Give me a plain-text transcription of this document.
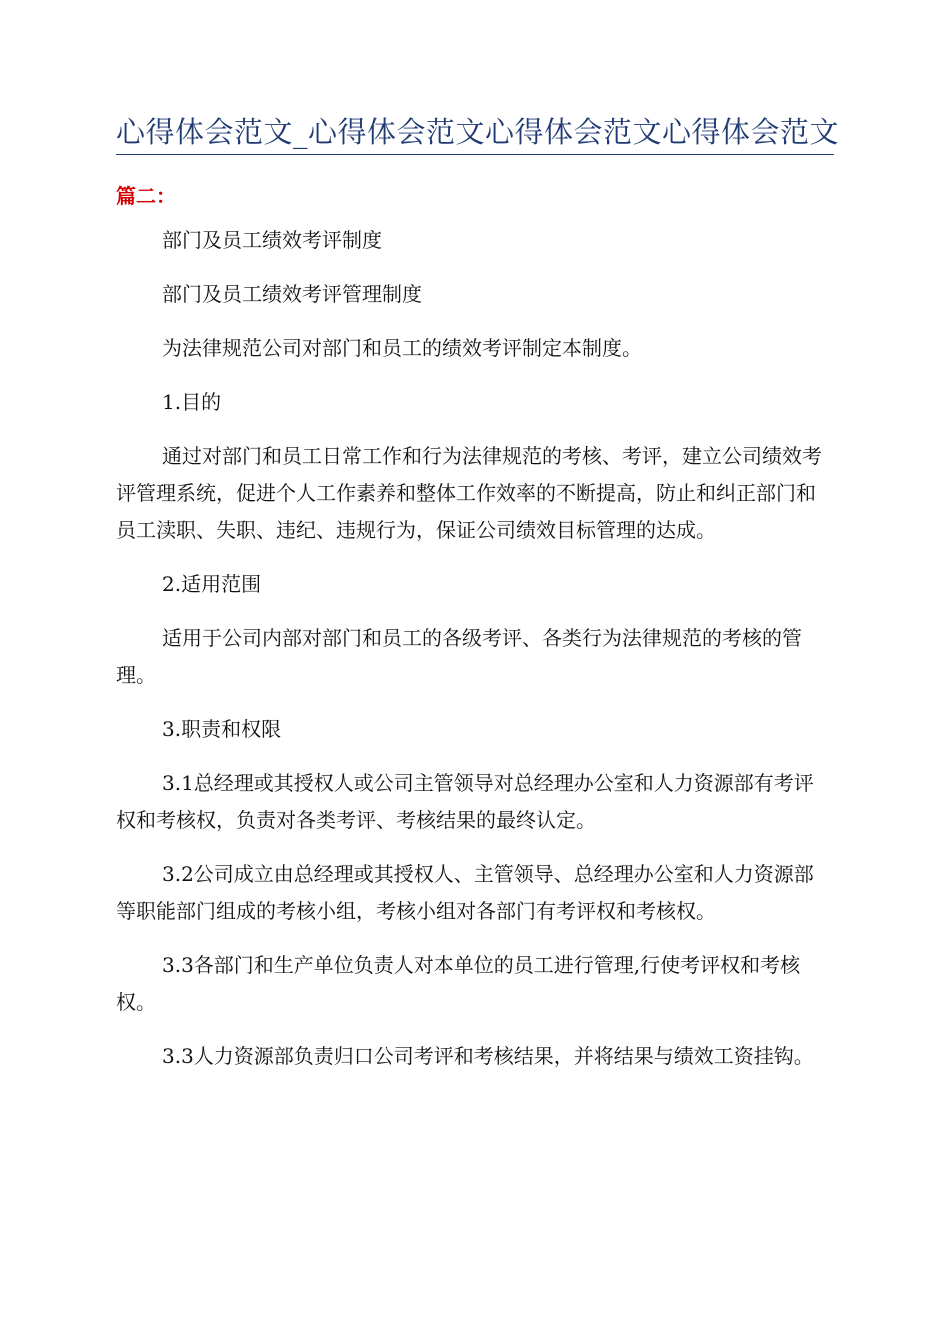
心得体会范文_心得体会范文心得体会范文心得体会范文
篇二：

部门及员工绩效考评制度

部门及员工绩效考评管理制度

为法律规范公司对部门和员工的绩效考评制定本制度。

1.目的

通过对部门和员工日常工作和行为法律规范的考核、考评，建立公司绩效考评管理系统，促进个人工作素养和整体工作效率的不断提高，防止和纠正部门和员工渎职、失职、违纪、违规行为，保证公司绩效目标管理的达成。

2.适用范围

适用于公司内部对部门和员工的各级考评、各类行为法律规范的考核的管理。

3.职责和权限

3.1总经理或其授权人或公司主管领导对总经理办公室和人力资源部有考评权和考核权，负责对各类考评、考核结果的最终认定。

3.2公司成立由总经理或其授权人、主管领导、总经理办公室和人力资源部等职能部门组成的考核小组，考核小组对各部门有考评权和考核权。

3.3各部门和生产单位负责人对本单位的员工进行管理,行使考评权和考核权。

3.3人力资源部负责归口公司考评和考核结果，并将结果与绩效工资挂钩。
